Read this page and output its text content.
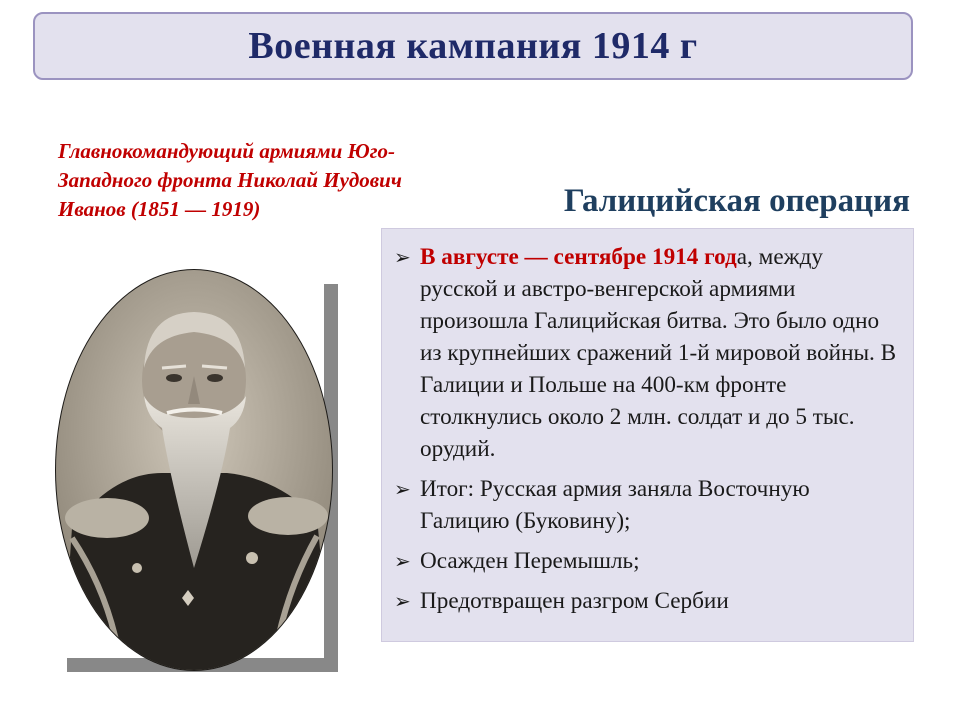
Военная кампания 1914 г
Главнокомандующий армиями Юго-Западного фронта Николай Иудович Иванов (1851 — 1919)	Галицийская операция
➢ В августе — сентябре 1914 года, между русской и австро-венгерской армиями произошла Галицийская битва. Это было одно из крупнейших сражений 1-й мировой войны. В Галиции и Польше на 400-км фронте столкнулись около 2 млн. солдат и до 5 тыс. орудий.
➢ Итог: Русская армия заняла Восточную Галицию (Буковину);
➢ Осажден Перемышль;
➢ Предотвращен разгром Сербии
